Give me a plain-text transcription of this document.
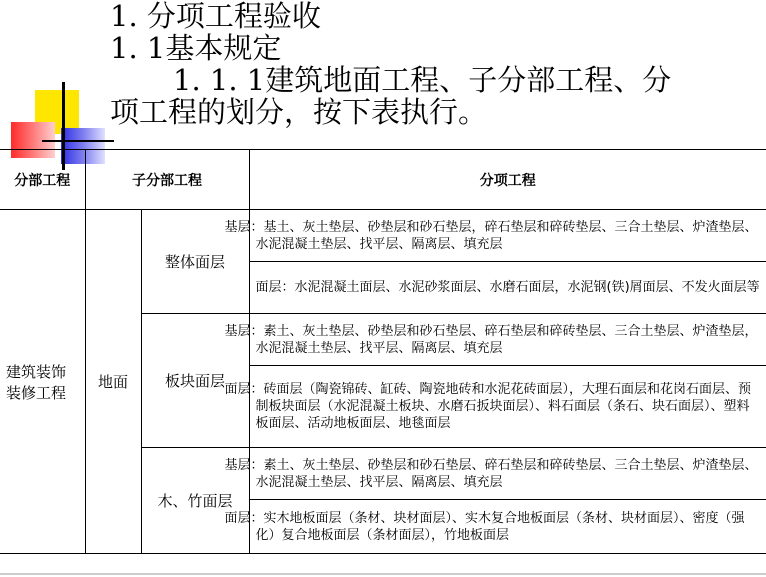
1. 分项工程验收
1. 1基本规定
1. 1. 1建筑地面工程、子分部工程、分
项工程的划分，按下表执行。
分部工程	子分部工程		分项工程
建筑装饰装修工程	地面	整体面层	基层：基土、灰土垫层、砂垫层和砂石垫层，碎石垫层和碎砖垫层、三合土垫层、炉渣垫层、水泥混凝土垫层、找平层、隔离层、填充层
			面层：水泥混凝土面层、水泥砂浆面层、水磨石面层，水泥钢(铁)屑面层、不发火面层等
		板块面层	基层：素土、灰土垫层、砂垫层和砂石垫层、碎石垫层和碎砖垫层、三合土垫层、炉渣垫层，水泥混凝土垫层、找平层、隔离层、填充层
			面层：砖面层（陶瓷锦砖、缸砖、陶瓷地砖和水泥花砖面层），大理石面层和花岗石面层、预制板块面层（水泥混凝土板块、水磨石扳块面层）、料石面层（条石、块石面层）、塑料板面层、活动地板面层、地毯面层
		木、竹面层	基层：素土、灰土垫层、砂垫层和砂石垫层、碎石垫层和碎砖垫层、三合土垫层、炉渣垫层、水泥混凝土垫层、找平层、隔离层、填充层
			面层：实木地板面层（条材、块材面层）、实木复合地板面层（条材、块材面层）、密度（强化）复合地板面层（条材面层），竹地板面层
